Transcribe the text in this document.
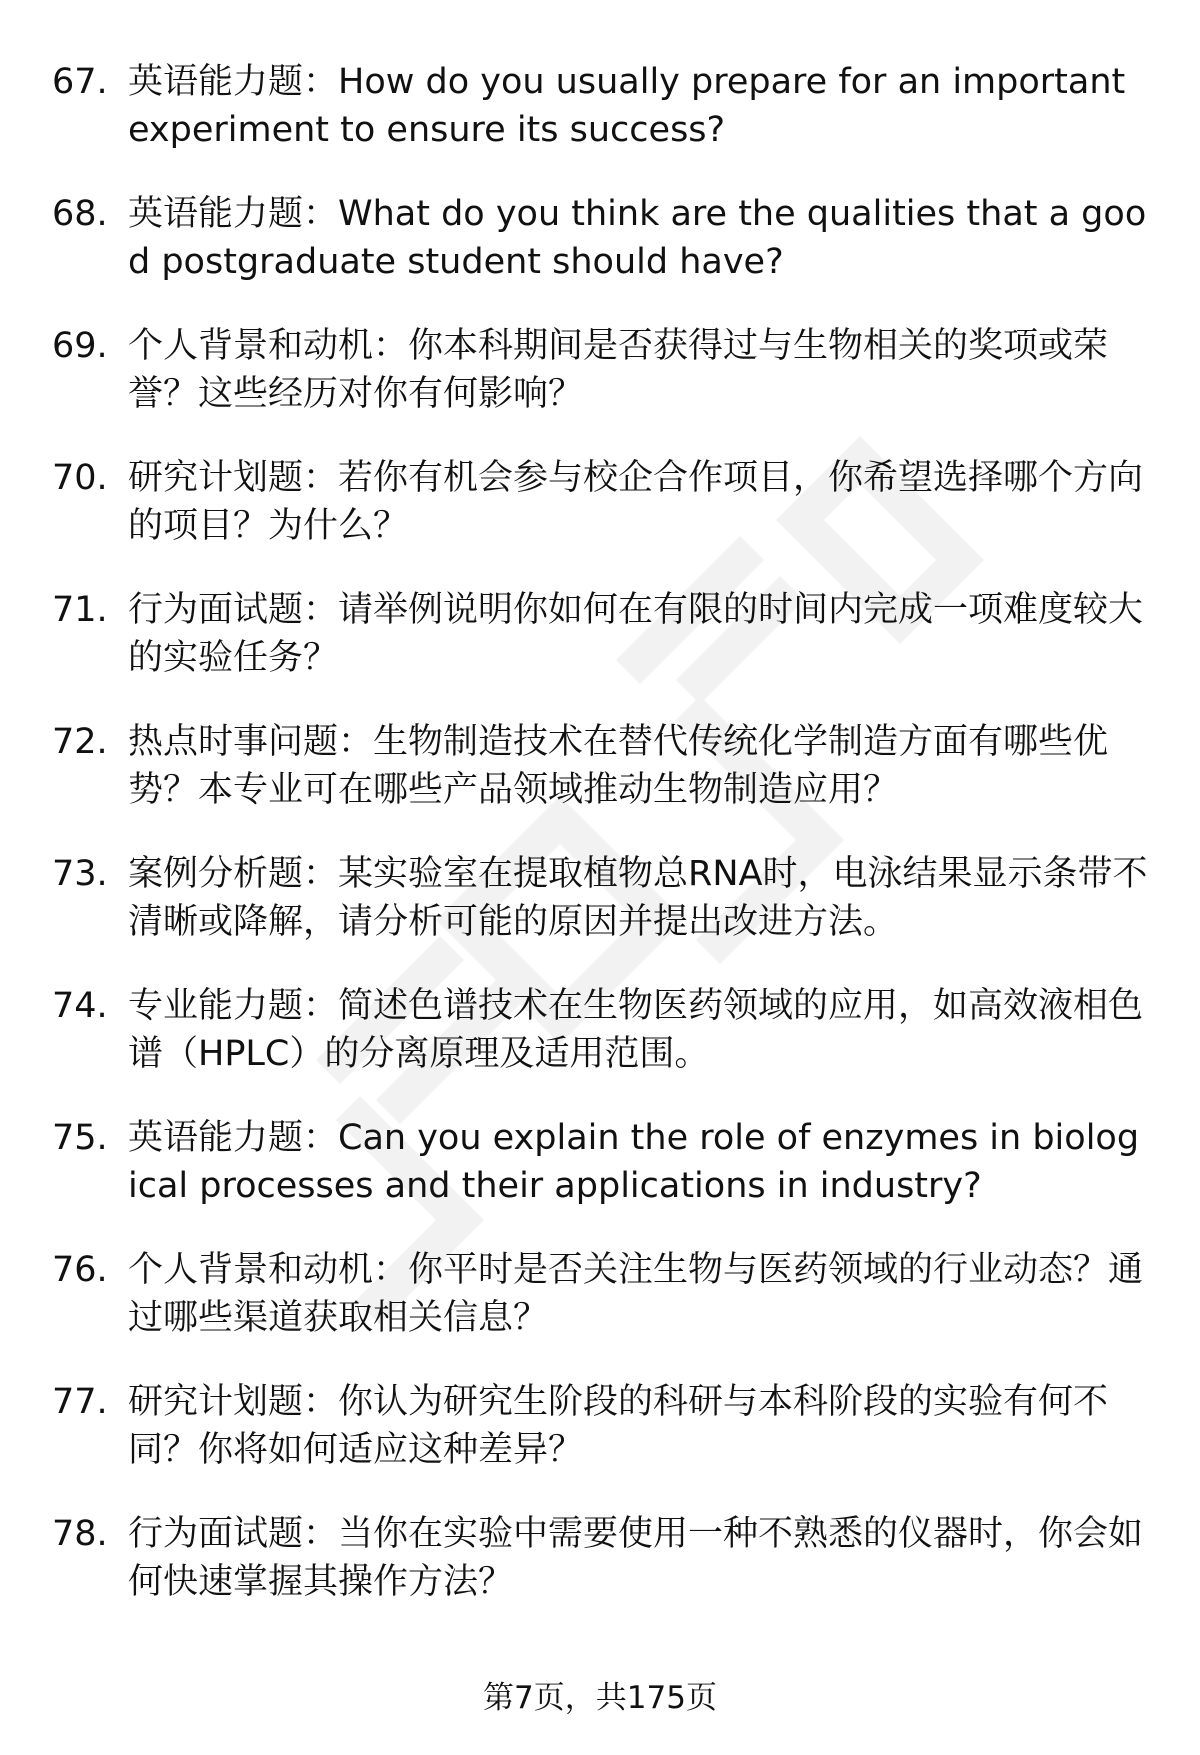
67. 英语能力题：How do you usually prepare for an important experiment to ensure its success?
68. 英语能力题：What do you think are the qualities that a good postgraduate student should have?
69. 个人背景和动机：你本科期间是否获得过与生物相关的奖项或荣誉？这些经历对你有何影响？
70. 研究计划题：若你有机会参与校企合作项目，你希望选择哪个方向的项目？为什么？
71. 行为面试题：请举例说明你如何在有限的时间内完成一项难度较大的实验任务？
72. 热点时事问题：生物制造技术在替代传统化学制造方面有哪些优势？本专业可在哪些产品领域推动生物制造应用？
73. 案例分析题：某实验室在提取植物总RNA时，电泳结果显示条带不清晰或降解，请分析可能的原因并提出改进方法。
74. 专业能力题：简述色谱技术在生物医药领域的应用，如高效液相色谱（HPLC）的分离原理及适用范围。
75. 英语能力题：Can you explain the role of enzymes in biological processes and their applications in industry?
76. 个人背景和动机：你平时是否关注生物与医药领域的行业动态？通过哪些渠道获取相关信息？
77. 研究计划题：你认为研究生阶段的科研与本科阶段的实验有何不同？你将如何适应这种差异？
78. 行为面试题：当你在实验中需要使用一种不熟悉的仪器时，你会如何快速掌握其操作方法？
第7页，共175页
